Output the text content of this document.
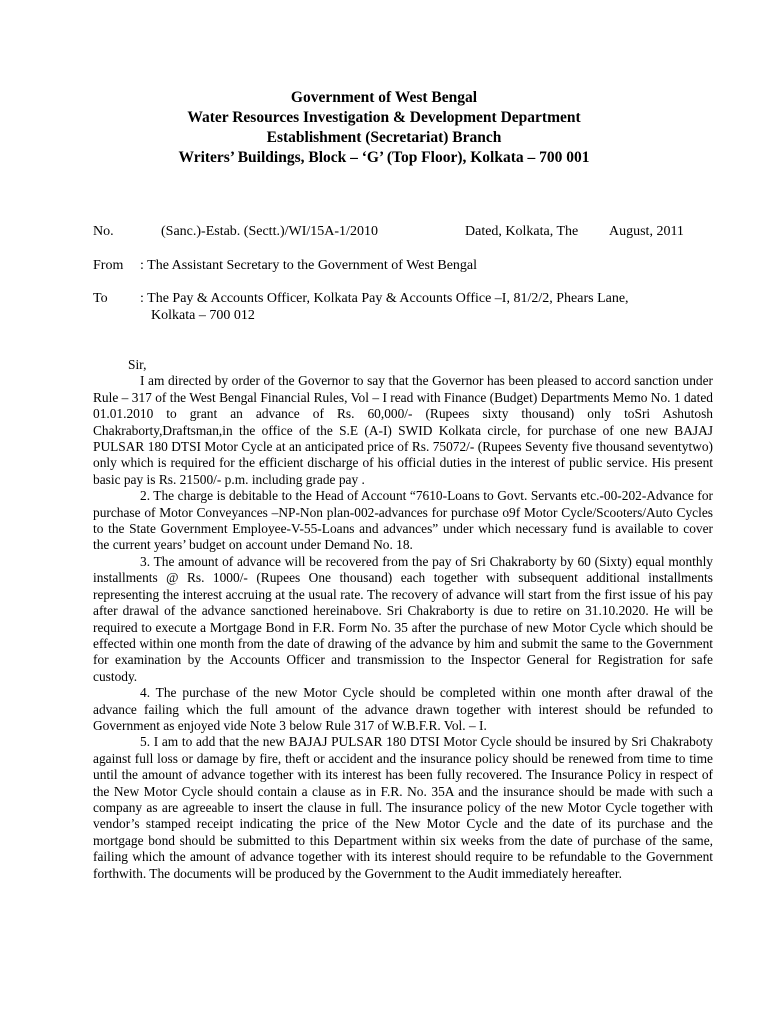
Government of West Bengal
Water Resources Investigation & Development Department
Establishment (Secretariat) Branch
Writers’ Buildings, Block – ‘G’ (Top Floor), Kolkata – 700 001
No.	(Sanc.)-Estab. (Sectt.)/WI/15A-1/2010	Dated, Kolkata, The August, 2011
From : The Assistant Secretary to the Government of West Bengal
To : The Pay & Accounts Officer, Kolkata Pay & Accounts Office –I, 81/2/2, Phears Lane,
Kolkata – 700 012

Sir,

I am directed by order of the Governor to say that the Governor has been pleased to accord sanction under Rule – 317 of the West Bengal Financial Rules, Vol – I read with Finance (Budget) Departments Memo No. 1 dated 01.01.2010 to grant an advance of Rs. 60,000/- (Rupees sixty thousand) only toSri Ashutosh Chakraborty,Draftsman,in the office of the S.E (A-I) SWID Kolkata circle, for purchase of one new BAJAJ PULSAR 180 DTSI Motor Cycle at an anticipated price of Rs. 75072/- (Rupees Seventy five thousand seventytwo) only which is required for the efficient discharge of his official duties in the interest of public service. His present basic pay is Rs. 21500/- p.m. including grade pay .

2. The charge is debitable to the Head of Account “7610-Loans to Govt. Servants etc.-00-202-Advance for purchase of Motor Conveyances –NP-Non plan-002-advances for purchase o9f Motor Cycle/Scooters/Auto Cycles to the State Government Employee-V-55-Loans and advances” under which necessary fund is available to cover the current years’ budget on account under Demand No. 18.

3. The amount of advance will be recovered from the pay of Sri Chakraborty by 60 (Sixty) equal monthly installments @ Rs. 1000/- (Rupees One thousand) each together with subsequent additional installments representing the interest accruing at the usual rate. The recovery of advance will start from the first issue of his pay after drawal of the advance sanctioned hereinabove. Sri Chakraborty is due to retire on 31.10.2020. He will be required to execute a Mortgage Bond in F.R. Form No. 35 after the purchase of new Motor Cycle which should be effected within one month from the date of drawing of the advance by him and submit the same to the Government for examination by the Accounts Officer and transmission to the Inspector General for Registration for safe custody.

4. The purchase of the new Motor Cycle should be completed within one month after drawal of the advance failing which the full amount of the advance drawn together with interest should be refunded to Government as enjoyed vide Note 3 below Rule 317 of W.B.F.R. Vol. – I.

5. I am to add that the new BAJAJ PULSAR 180 DTSI Motor Cycle should be insured by Sri Chakraboty against full loss or damage by fire, theft or accident and the insurance policy should be renewed from time to time until the amount of advance together with its interest has been fully recovered. The Insurance Policy in respect of the New Motor Cycle should contain a clause as in F.R. No. 35A and the insurance should be made with such a company as are agreeable to insert the clause in full. The insurance policy of the new Motor Cycle together with vendor’s stamped receipt indicating the price of the New Motor Cycle and the date of its purchase and the mortgage bond should be submitted to this Department within six weeks from the date of purchase of the same, failing which the amount of advance together with its interest should require to be refundable to the Government forthwith. The documents will be produced by the Government to the Audit immediately hereafter.
